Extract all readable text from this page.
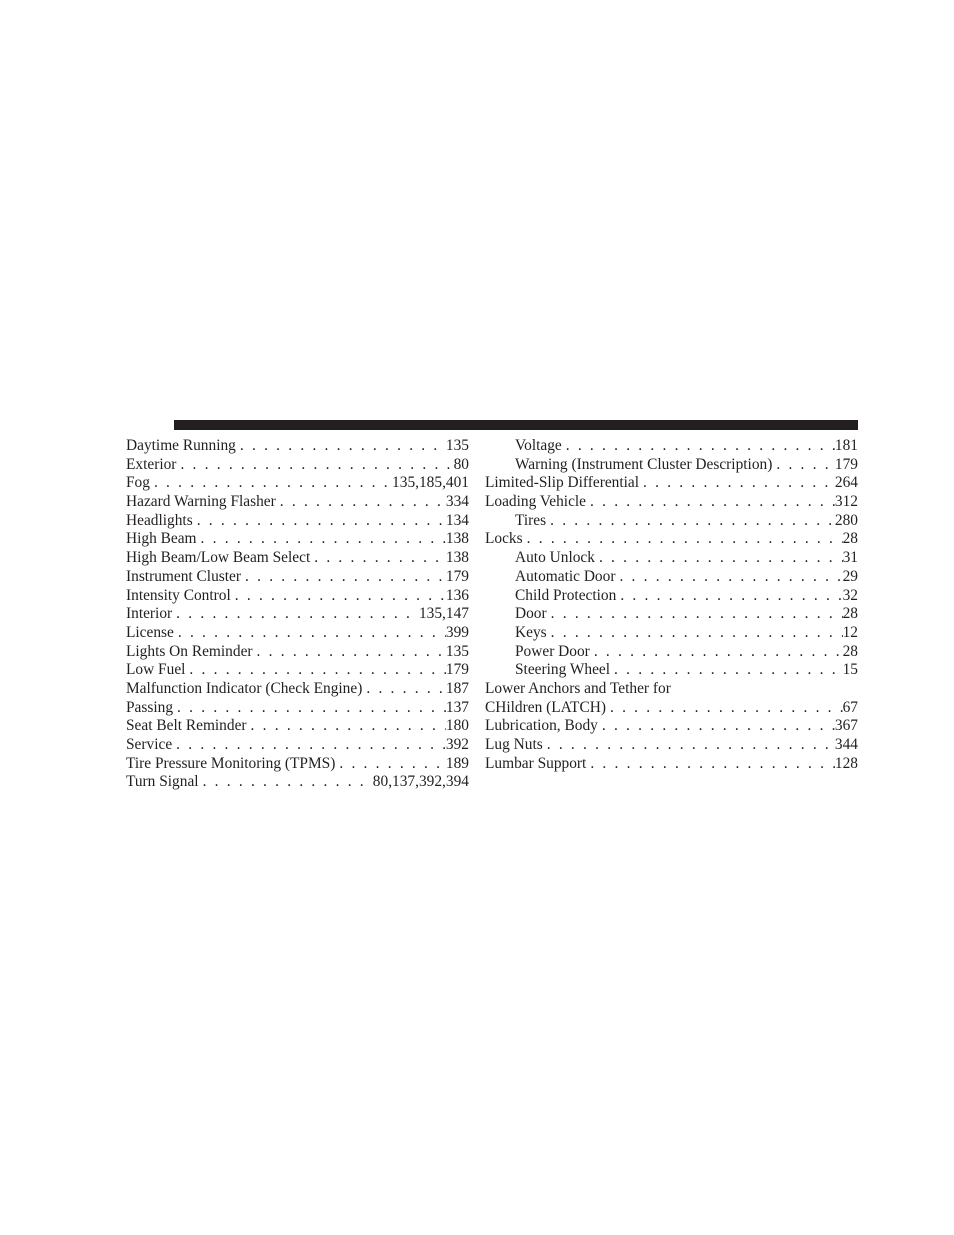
Daytime Running . . .	135
Exterior . . .	80
Fog . . .	135,185,401
Hazard Warning Flasher . . .	334
Headlights . . .	134
High Beam . . .	138
High Beam/Low Beam Select . . .	138
Instrument Cluster . . .	179
Intensity Control . . .	136
Interior . . .	135,147
License . . .	399
Lights On Reminder . . .	135
Low Fuel . . .	179
Malfunction Indicator (Check Engine) . . .	187
Passing . . .	137
Seat Belt Reminder . . .	180
Service . . .	392
Tire Pressure Monitoring (TPMS) . . .	189
Turn Signal . . .	80,137,392,394
Voltage . . .	181
Warning (Instrument Cluster Description) . . .	179
Limited-Slip Differential . . .	264
Loading Vehicle . . .	312
Tires . . .	280
Locks . . .	28
Auto Unlock . . .	31
Automatic Door . . .	29
Child Protection . . .	32
Door . . .	28
Keys . . .	12
Power Door . . .	28
Steering Wheel . . .	15
Lower Anchors and Tether for
CHildren (LATCH) . . .	67
Lubrication, Body . . .	367
Lug Nuts . . .	344
Lumbar Support . . .	128
